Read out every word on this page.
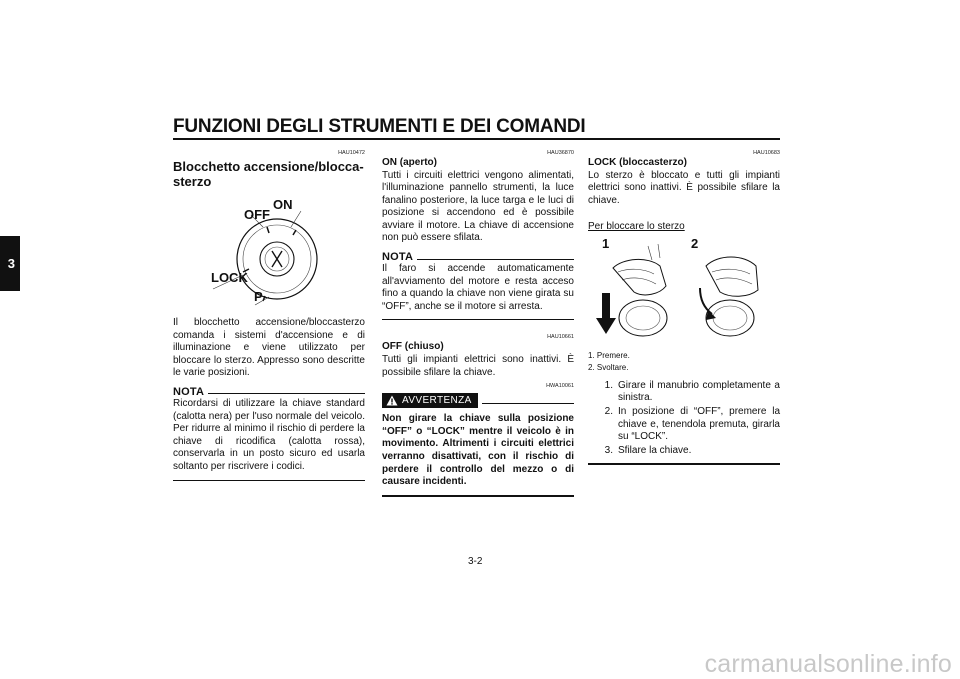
FUNZIONI DEGLI STRUMENTI E DEI COMANDI
3

HAU10472

Blocchetto accensione/blocca-sterzo
ON
OFF
LOCK
P

Il blocchetto accensione/bloccasterzo comanda i sistemi d'accensione e di illuminazione e viene utilizzato per bloccare lo sterzo. Appresso sono descritte le varie posizioni.

NOTA

Ricordarsi di utilizzare la chiave standard (calotta nera) per l'uso normale del veicolo. Per ridurre al minimo il rischio di perdere la chiave di ricodifica (calotta rossa), conservarla in un posto sicuro ed usarla soltanto per riscrivere i codici.

HAU36870

ON (aperto)

Tutti i circuiti elettrici vengono alimentati, l'illuminazione pannello strumenti, la luce fanalino posteriore, la luce targa e le luci di posizione si accendono ed è possibile avviare il motore. La chiave di accensione non può essere sfilata.

NOTA

Il faro si accende automaticamente all'avviamento del motore e resta acceso fino a quando la chiave non viene girata su “OFF”, anche se il motore si arresta.

HAU10661

OFF (chiuso)

Tutti gli impianti elettrici sono inattivi. È possibile sfilare la chiave.

HWA10061

AVVERTENZA

Non girare la chiave sulla posizione “OFF” o “LOCK” mentre il veicolo è in movimento. Altrimenti i circuiti elettrici verranno disattivati, con il rischio di perdere il controllo del mezzo o di causare incidenti.

HAU10683

LOCK (bloccasterzo)

Lo sterzo è bloccato e tutti gli impianti elettrici sono inattivi. È possibile sfilare la chiave.

Per bloccare lo sterzo

1	2

1. Premere.

2. Svoltare.

1. Girare il manubrio completamente a sinistra.
2. In posizione di “OFF”, premere la chiave e, tenendola premuta, girarla su “LOCK”.
3. Sfilare la chiave.
3-2
carmanualsonline.info
